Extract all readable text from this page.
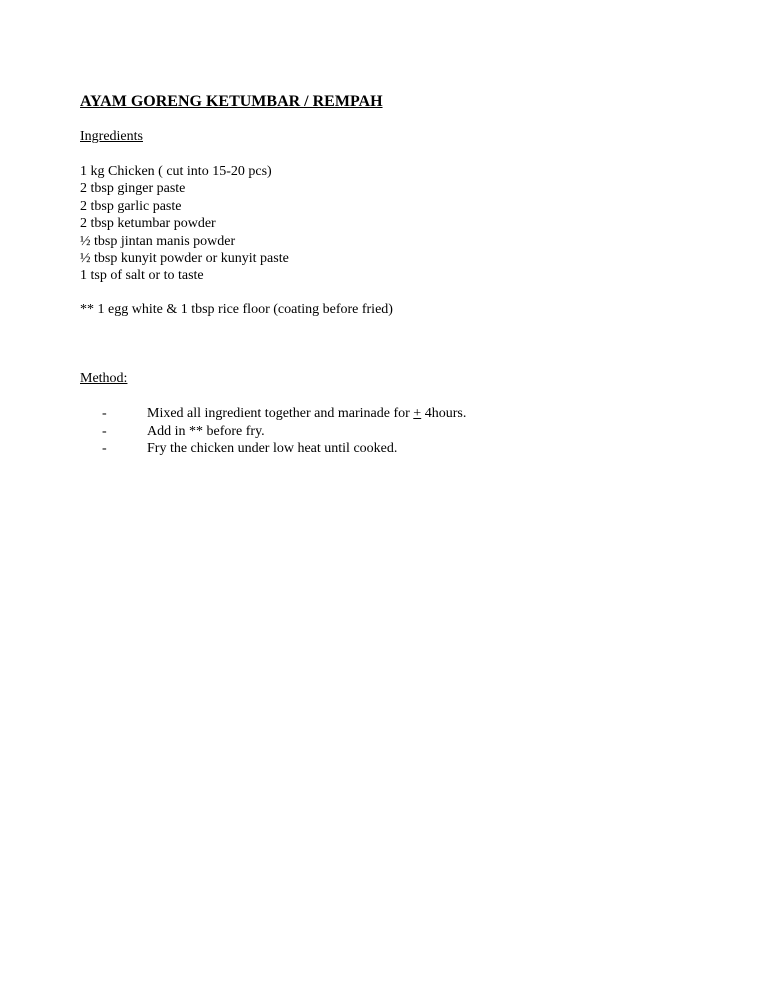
AYAM GORENG KETUMBAR / REMPAH

Ingredients

1 kg Chicken ( cut into 15-20 pcs)

2 tbsp ginger paste

2 tbsp garlic paste

2 tbsp ketumbar powder

½ tbsp jintan manis powder

½ tbsp kunyit powder or kunyit paste

1 tsp of salt or to taste

** 1 egg white & 1 tbsp rice floor (coating before fried)

Method:

-	Mixed all ingredient together and marinade for + 4hours.
-	Add in ** before fry.
-	Fry the chicken under low heat until cooked.
